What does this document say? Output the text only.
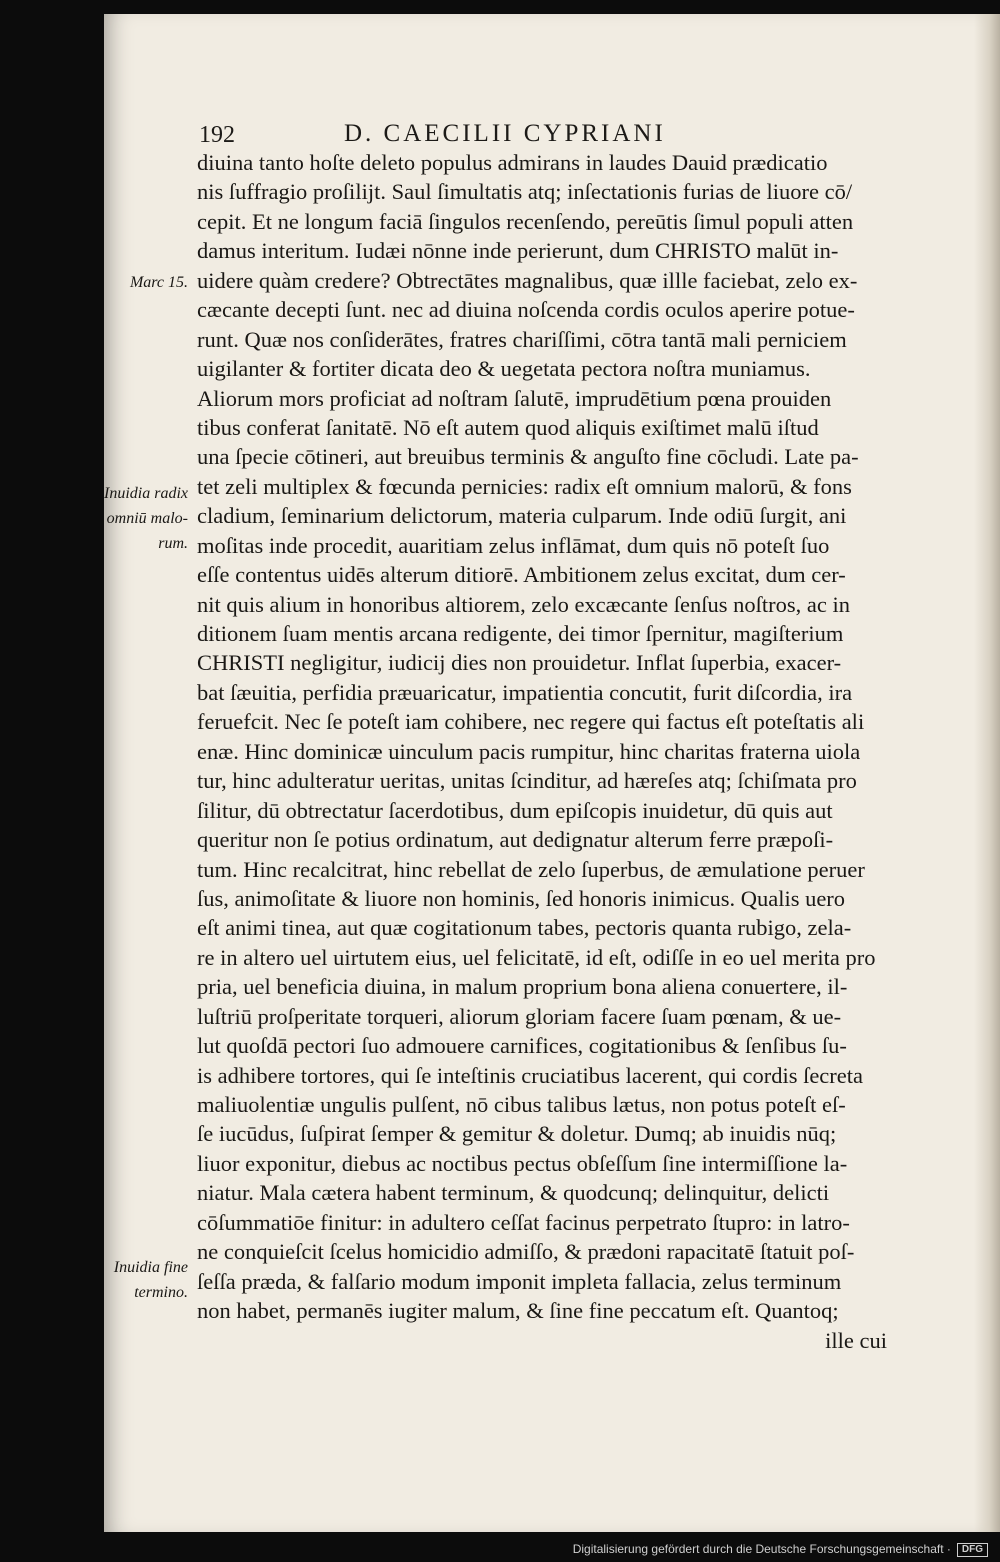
192	D. CAECILII CYPRIANI
Marc 15.
Inuidia radix
omniū malo-
rum.
Inuidia fine
termino.
diuina tanto hoſte deleto populus admirans in laudes Dauid prædicatio
nis ſuffragio proſilijt. Saul ſimultatis atq; inſectationis furias de liuore cō/
cepit. Et ne longum faciā ſingulos recenſendo, pereūtis ſimul populi atten
damus interitum. Iudæi nōnne inde perierunt, dum CHRISTO malūt in-
uidere quàm credere? Obtrectātes magnalibus, quæ illle faciebat, zelo ex-
cæcante decepti ſunt. nec ad diuina noſcenda cordis oculos aperire potue-
runt. Quæ nos conſiderātes, fratres chariſſimi, cōtra tantā mali perniciem
uigilanter & fortiter dicata deo & uegetata pectora noſtra muniamus.
Aliorum mors proficiat ad noſtram ſalutē, imprudētium pœna prouiden
tibus conferat ſanitatē. Nō eſt autem quod aliquis exiſtimet malū iſtud
una ſpecie cōtineri, aut breuibus terminis & anguſto fine cōcludi. Late pa-
tet zeli multiplex & fœcunda pernicies: radix eſt omnium malorū, & fons
cladium, ſeminarium delictorum, materia culparum. Inde odiū ſurgit, ani
moſitas inde procedit, auaritiam zelus inflāmat, dum quis nō poteſt ſuo
eſſe contentus uidēs alterum ditiorē. Ambitionem zelus excitat, dum cer-
nit quis alium in honoribus altiorem, zelo excæcante ſenſus noſtros, ac in
ditionem ſuam mentis arcana redigente, dei timor ſpernitur, magiſterium
CHRISTI negligitur, iudicij dies non prouidetur. Inflat ſuperbia, exacer-
bat ſæuitia, perfidia præuaricatur, impatientia concutit, furit diſcordia, ira
feruefcit. Nec ſe poteſt iam cohibere, nec regere qui factus eſt poteſtatis ali
enæ. Hinc dominicæ uinculum pacis rumpitur, hinc charitas fraterna uiola
tur, hinc adulteratur ueritas, unitas ſcinditur, ad hæreſes atq; ſchiſmata pro
ſilitur, dū obtrectatur ſacerdotibus, dum epiſcopis inuidetur, dū quis aut
queritur non ſe potius ordinatum, aut dedignatur alterum ferre præpoſi-
tum. Hinc recalcitrat, hinc rebellat de zelo ſuperbus, de æmulatione peruer
ſus, animoſitate & liuore non hominis, ſed honoris inimicus. Qualis uero
eſt animi tinea, aut quæ cogitationum tabes, pectoris quanta rubigo, zela-
re in altero uel uirtutem eius, uel felicitatē, id eſt, odiſſe in eo uel merita pro
pria, uel beneficia diuina, in malum proprium bona aliena conuertere, il-
luſtriū proſperitate torqueri, aliorum gloriam facere ſuam pœnam, & ue-
lut quoſdā pectori ſuo admouere carnifices, cogitationibus & ſenſibus ſu-
is adhibere tortores, qui ſe inteſtinis cruciatibus lacerent, qui cordis ſecreta
maliuolentiæ ungulis pulſent, nō cibus talibus lætus, non potus poteſt eſ-
ſe iucūdus, ſuſpirat ſemper & gemitur & doletur. Dumq; ab inuidis nūq;
liuor exponitur, diebus ac noctibus pectus obſeſſum ſine intermiſſione la-
niatur. Mala cætera habent terminum, & quodcunq; delinquitur, delicti
cōſummatiōe finitur: in adultero ceſſat facinus perpetrato ſtupro: in latro-
ne conquieſcit ſcelus homicidio admiſſo, & prædoni rapacitatē ſtatuit poſ-
ſeſſa præda, & falſario modum imponit impleta fallacia, zelus terminum
non habet, permanēs iugiter malum, & ſine fine peccatum eſt. Quantoq;
ille cui
Digitalisierung gefördert durch die Deutsche Forschungsgemeinschaft · DFG
